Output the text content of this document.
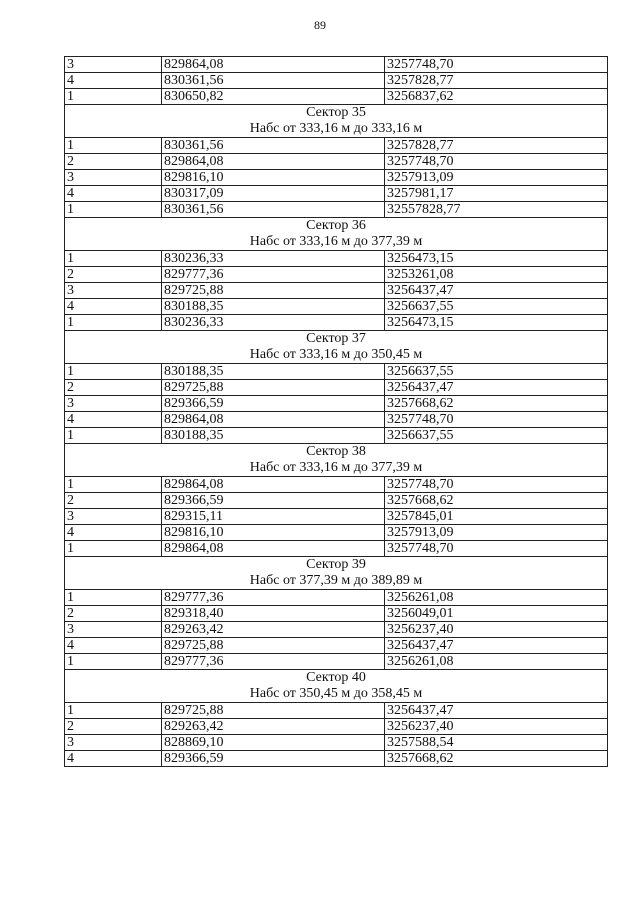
89
3	829864,08	3257748,70
4	830361,56	3257828,77
1	830650,82	3256837,62

Сектор 35
Набс от 333,16 м до 333,16 м		

1	830361,56	3257828,77
2	829864,08	3257748,70
3	829816,10	3257913,09
4	830317,09	3257981,17
1	830361,56	32557828,77

Сектор 36
Набс от 333,16 м до 377,39 м		

1	830236,33	3256473,15
2	829777,36	3253261,08
3	829725,88	3256437,47
4	830188,35	3256637,55
1	830236,33	3256473,15

Сектор 37
Набс от 333,16 м до 350,45 м		

1	830188,35	3256637,55
2	829725,88	3256437,47
3	829366,59	3257668,62
4	829864,08	3257748,70
1	830188,35	3256637,55

Сектор 38
Набс от 333,16 м до 377,39 м		

1	829864,08	3257748,70
2	829366,59	3257668,62
3	829315,11	3257845,01
4	829816,10	3257913,09
1	829864,08	3257748,70

Сектор 39
Набс от 377,39 м до 389,89 м		

1	829777,36	3256261,08
2	829318,40	3256049,01
3	829263,42	3256237,40
4	829725,88	3256437,47
1	829777,36	3256261,08

Сектор 40
Набс от 350,45 м до 358,45 м		

1	829725,88	3256437,47
2	829263,42	3256237,40
3	828869,10	3257588,54
4	829366,59	3257668,62
